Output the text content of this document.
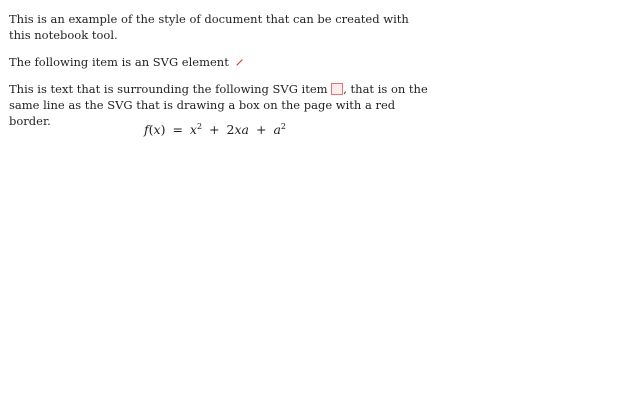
This is an example of the style of document that can be created with this notebook tool.

The following item is an SVG element

This is text that is surrounding the following SVG item , that is on the same line as the SVG that is drawing a box on the page with a red border.

$f(x) = x^2 + 2xa + a^2$
